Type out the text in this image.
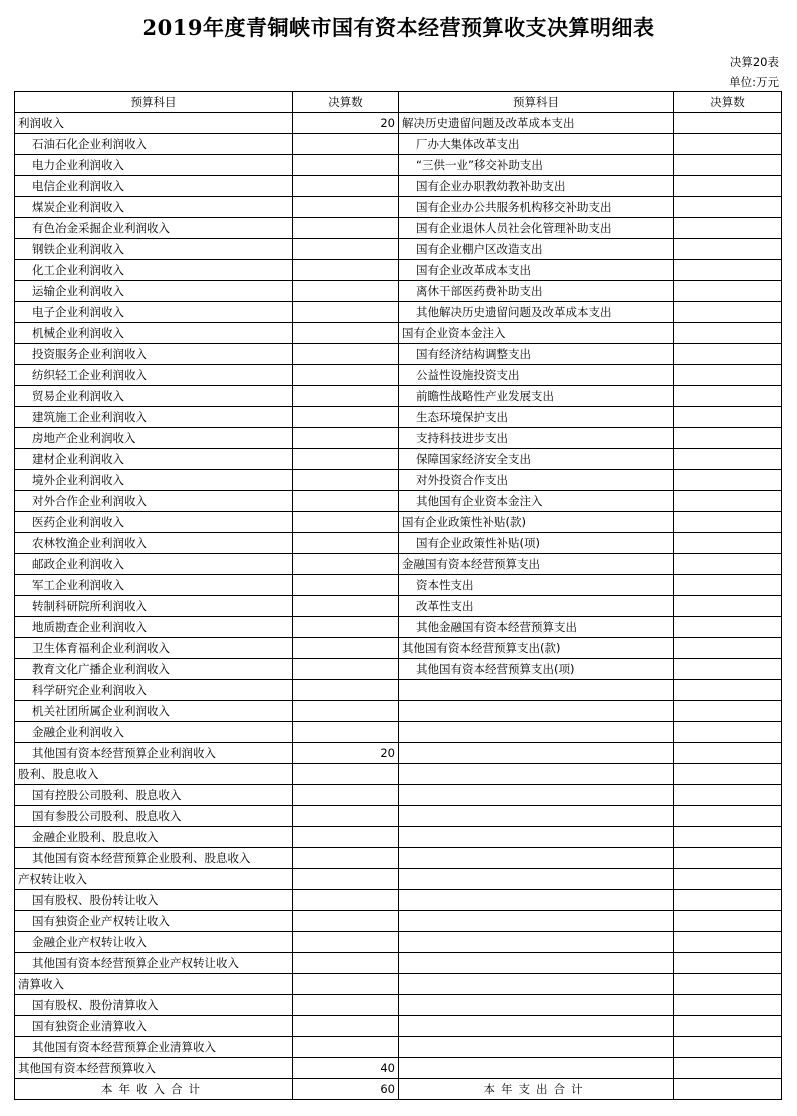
2019年度青铜峡市国有资本经营预算收支决算明细表
决算20表
单位:万元
预算科目	决算数	预算科目	决算数
利润收入	20	解决历史遗留问题及改革成本支出	
石油石化企业利润收入		厂办大集体改革支出	
电力企业利润收入		“三供一业”移交补助支出	
电信企业利润收入		国有企业办职教幼教补助支出	
煤炭企业利润收入		国有企业办公共服务机构移交补助支出	
有色冶金采掘企业利润收入		国有企业退休人员社会化管理补助支出	
钢铁企业利润收入		国有企业棚户区改造支出	
化工企业利润收入		国有企业改革成本支出	
运输企业利润收入		离休干部医药费补助支出	
电子企业利润收入		其他解决历史遗留问题及改革成本支出	
机械企业利润收入		国有企业资本金注入	
投资服务企业利润收入		国有经济结构调整支出	
纺织轻工企业利润收入		公益性设施投资支出	
贸易企业利润收入		前瞻性战略性产业发展支出	
建筑施工企业利润收入		生态环境保护支出	
房地产企业利润收入		支持科技进步支出	
建材企业利润收入		保障国家经济安全支出	
境外企业利润收入		对外投资合作支出	
对外合作企业利润收入		其他国有企业资本金注入	
医药企业利润收入		国有企业政策性补贴(款)	
农林牧渔企业利润收入		国有企业政策性补贴(项)	
邮政企业利润收入		金融国有资本经营预算支出	
军工企业利润收入		资本性支出	
转制科研院所利润收入		改革性支出	
地质勘查企业利润收入		其他金融国有资本经营预算支出	
卫生体育福利企业利润收入		其他国有资本经营预算支出(款)	
教育文化广播企业利润收入		其他国有资本经营预算支出(项)	
科学研究企业利润收入			
机关社团所属企业利润收入			
金融企业利润收入			
其他国有资本经营预算企业利润收入	20		
股利、股息收入			
国有控股公司股利、股息收入			
国有参股公司股利、股息收入			
金融企业股利、股息收入			
其他国有资本经营预算企业股利、股息收入			
产权转让收入			
国有股权、股份转让收入			
国有独资企业产权转让收入			
金融企业产权转让收入			
其他国有资本经营预算企业产权转让收入			
清算收入			
国有股权、股份清算收入			
国有独资企业清算收入			
其他国有资本经营预算企业清算收入			
其他国有资本经营预算收入	40		
本年收入合计	60	本年支出合计	
